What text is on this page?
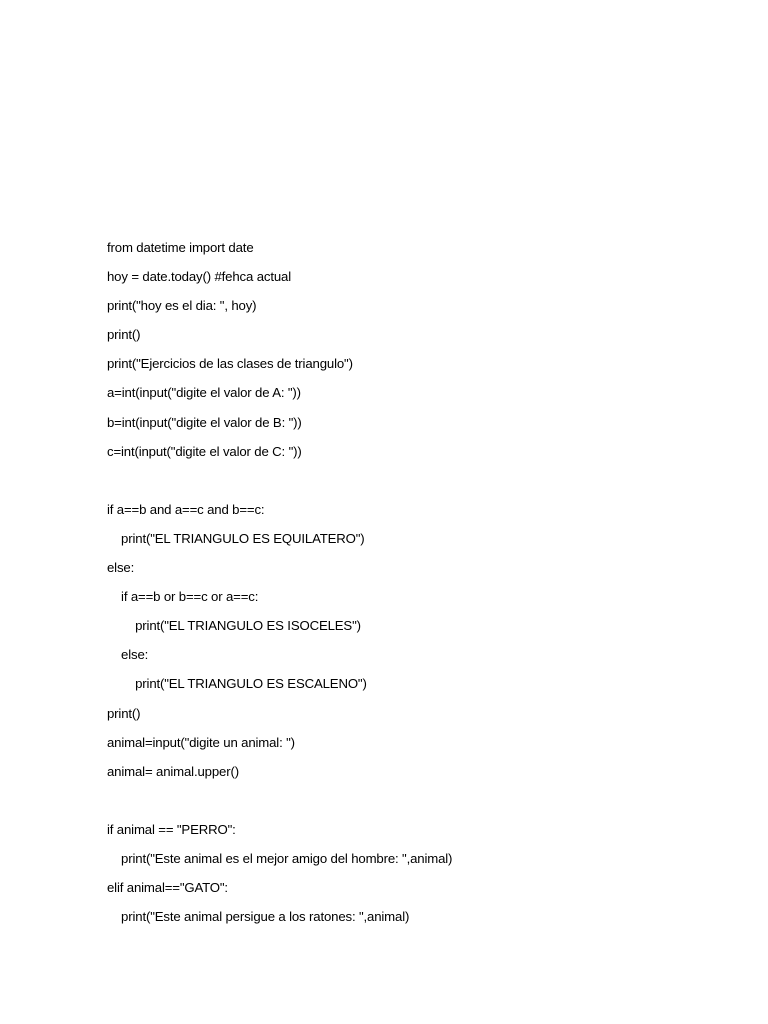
from datetime import date
hoy = date.today() #fehca actual
print("hoy es el dia: ", hoy)
print()
print("Ejercicios de las clases de triangulo")
a=int(input("digite el valor de A: "))
b=int(input("digite el valor de B: "))
c=int(input("digite el valor de C: "))
if a==b and a==c and b==c:
print("EL TRIANGULO ES EQUILATERO")
else:
if a==b or b==c or a==c:
print("EL TRIANGULO ES ISOCELES")
else:
print("EL TRIANGULO ES ESCALENO")
print()
animal=input("digite un animal: ")
animal= animal.upper()
if animal == "PERRO":
print("Este animal es el mejor amigo del hombre: ",animal)
elif animal=="GATO":
print("Este animal persigue a los ratones: ",animal)
